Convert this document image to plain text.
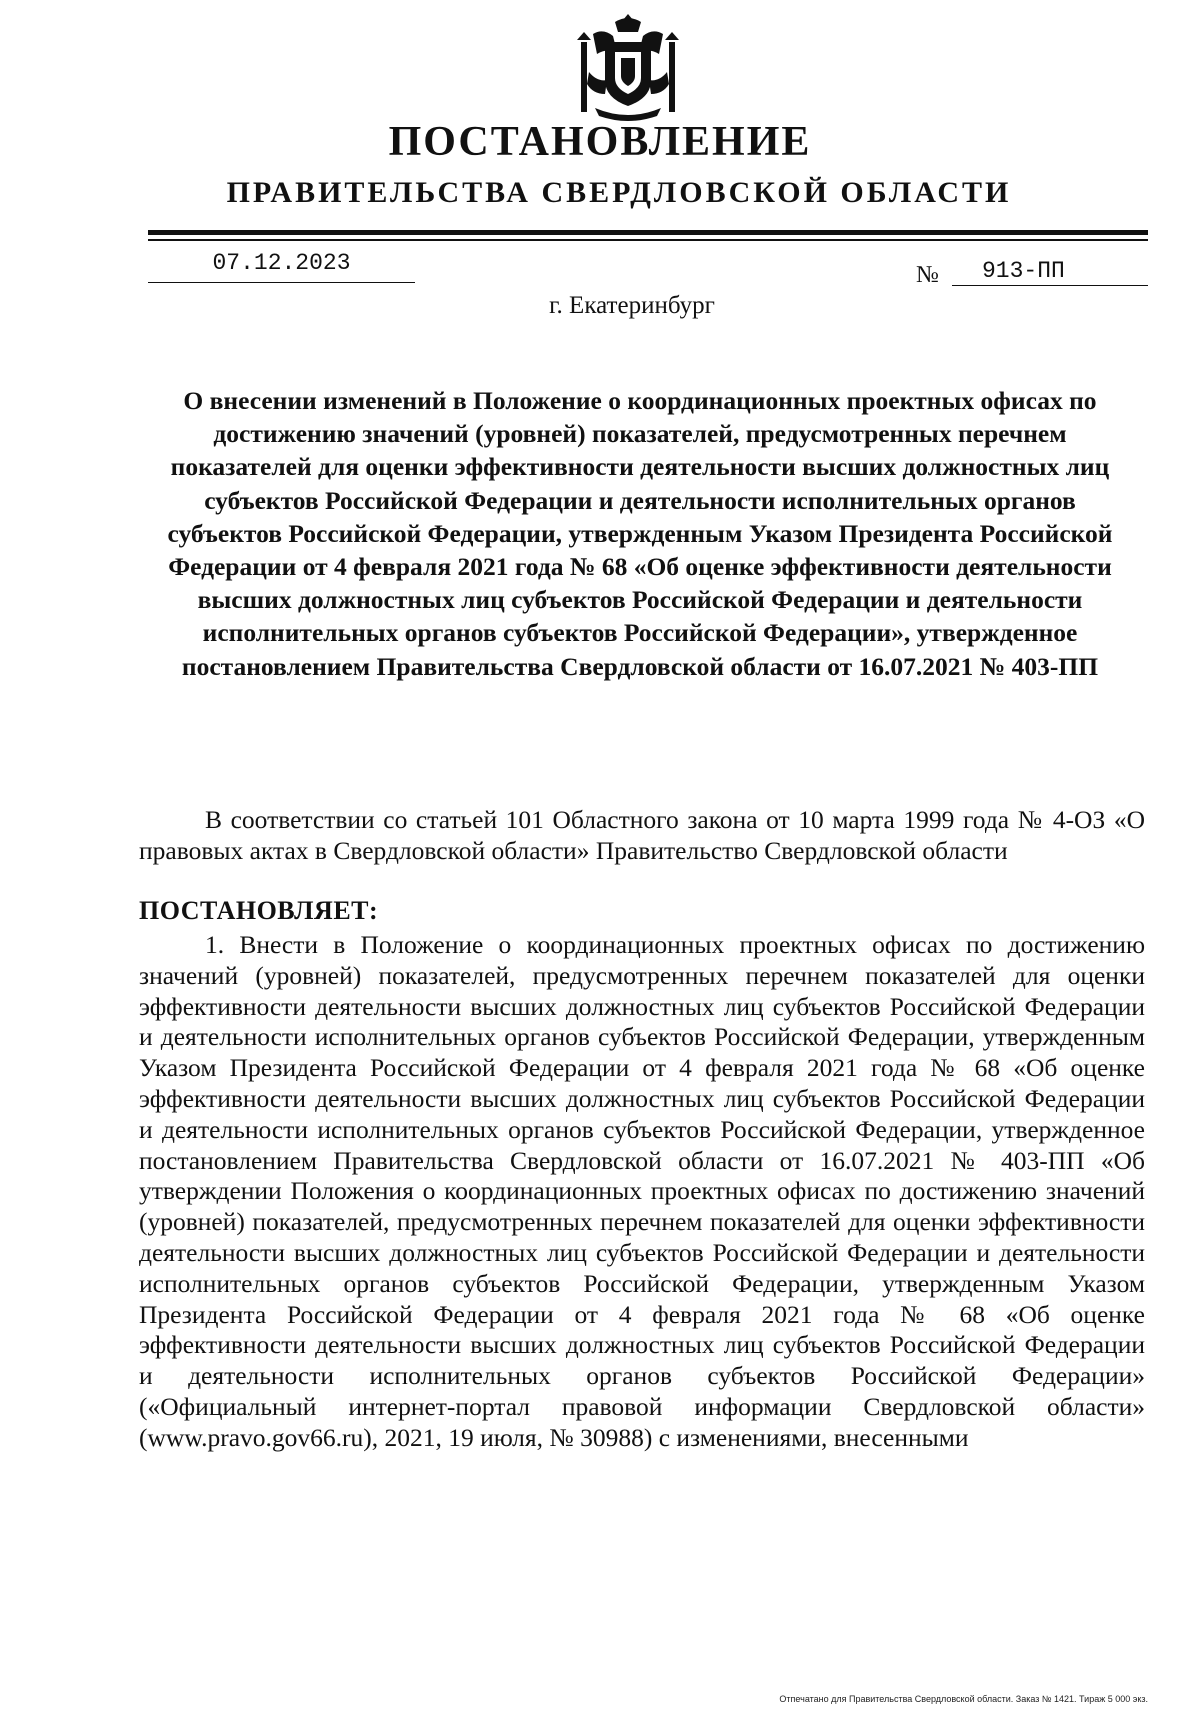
ПОСТАНОВЛЕНИЕ
ПРАВИТЕЛЬСТВА СВЕРДЛОВСКОЙ ОБЛАСТИ
07.12.2023	№	913-ПП
г. Екатеринбург
О внесении изменений в Положение о координационных проектных офисах по достижению значений (уровней) показателей, предусмотренных перечнем показателей для оценки эффективности деятельности высших должностных лиц субъектов Российской Федерации и деятельности исполнительных органов субъектов Российской Федерации, утвержденным Указом Президента Российской Федерации от 4 февраля 2021 года № 68 «Об оценке эффективности деятельности высших должностных лиц субъектов Российской Федерации и деятельности исполнительных органов субъектов Российской Федерации», утвержденное постановлением Правительства Свердловской области от 16.07.2021 № 403-ПП

В соответствии со статьей 101 Областного закона от 10 марта 1999 года № 4-ОЗ «О правовых актах в Свердловской области» Правительство Свердловской области

ПОСТАНОВЛЯЕТ:

1. Внести в Положение о координационных проектных офисах по достижению значений (уровней) показателей, предусмотренных перечнем показателей для оценки эффективности деятельности высших должностных лиц субъектов Российской Федерации и деятельности исполнительных органов субъектов Российской Федерации, утвержденным Указом Президента Российской Федерации от 4 февраля 2021 года № 68 «Об оценке эффективности деятельности высших должностных лиц субъектов Российской Федерации и деятельности исполнительных органов субъектов Российской Федерации, утвержденное постановлением Правительства Свердловской области от 16.07.2021 № 403-ПП «Об утверждении Положения о координационных проектных офисах по достижению значений (уровней) показателей, предусмотренных перечнем показателей для оценки эффективности деятельности высших должностных лиц субъектов Российской Федерации и деятельности исполнительных органов субъектов Российской Федерации, утвержденным Указом Президента Российской Федерации от 4 февраля 2021 года № 68 «Об оценке эффективности деятельности высших должностных лиц субъектов Российской Федерации и деятельности исполнительных органов субъектов Российской Федерации» («Официальный интернет-портал правовой информации Свердловской области» (www.pravo.gov66.ru), 2021, 19 июля, № 30988) с изменениями, внесенными

Отпечатано для Правительства Свердловской области. Заказ № 1421. Тираж 5 000 экз.
